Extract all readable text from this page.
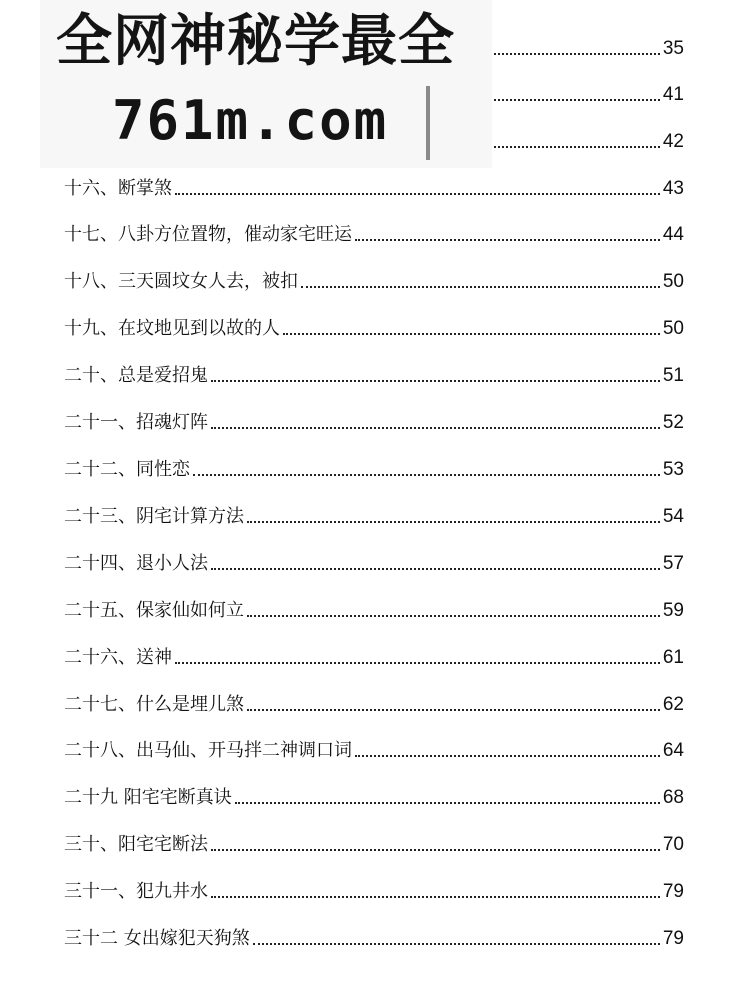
全网神秘学最全
761m.com
35
41
42
十六、断掌煞	43
十七、八卦方位置物，催动家宅旺运	44
十八、三天圆坟女人去，被扣	50
十九、在坟地见到以故的人	50
二十、总是爱招鬼	51
二十一、招魂灯阵	52
二十二、同性恋	53
二十三、阴宅计算方法	54
二十四、退小人法	57
二十五、保家仙如何立	59
二十六、送神	61
二十七、什么是埋儿煞	62
二十八、出马仙、开马拌二神调口词	64
二十九 阳宅宅断真诀	68
三十、阳宅宅断法	70
三十一、犯九井水	79
三十二 女出嫁犯天狗煞	79
